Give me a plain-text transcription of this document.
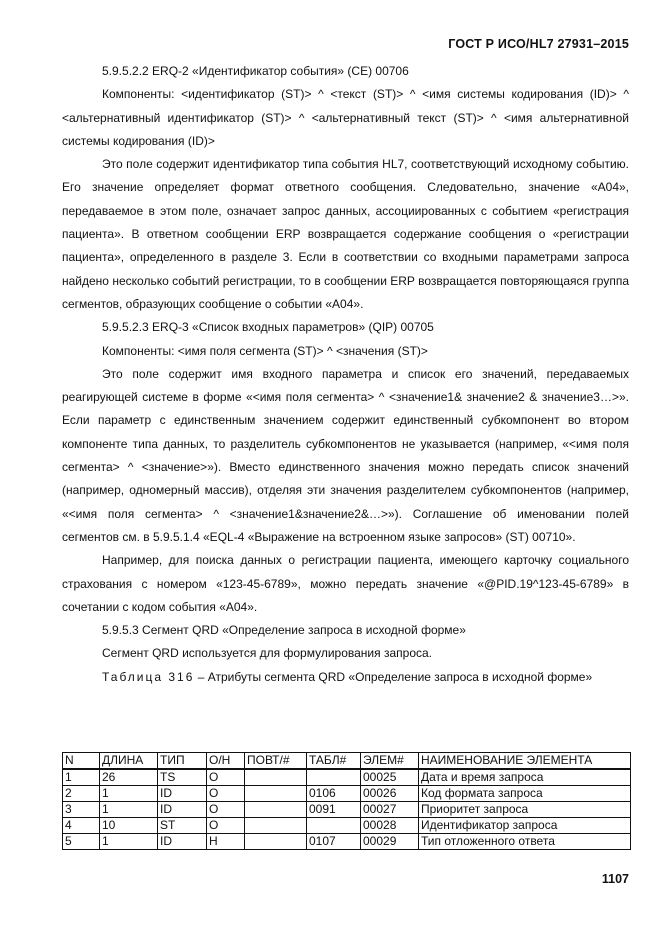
ГОСТ Р ИСО/HL7 27931–2015

5.9.5.2.2 ERQ-2 «Идентификатор события» (CE) 00706

Компоненты: <идентификатор (ST)> ^ <текст (ST)> ^ <имя системы кодирования (ID)> ^ <альтернативный идентификатор (ST)> ^ <альтернативный текст (ST)> ^ <имя альтернативной системы кодирования (ID)>

Это поле содержит идентификатор типа события HL7, соответствующий исходному событию. Его значение определяет формат ответного сообщения. Следовательно, значение «A04», передаваемое в этом поле, означает запрос данных, ассоциированных с событием «регистрация пациента». В ответном сообщении ERP возвращается содержание сообщения о «регистрации пациента», определенного в разделе 3. Если в соответствии со входными параметрами запроса найдено несколько событий регистрации, то в сообщении ERP возвращается повторяющаяся группа сегментов, образующих сообщение о событии «A04».

5.9.5.2.3 ERQ-3 «Список входных параметров» (QIP) 00705

Компоненты: <имя поля сегмента (ST)> ^ <значения (ST)>

Это поле содержит имя входного параметра и список его значений, передаваемых реагирующей системе в форме «<имя поля сегмента> ^ <значение1& значение2 & значение3…>». Если параметр с единственным значением содержит единственный субкомпонент во втором компоненте типа данных, то разделитель субкомпонентов не указывается (например, «<имя поля сегмента> ^ <значение>»). Вместо единственного значения можно передать список значений (например, одномерный массив), отделяя эти значения разделителем субкомпонентов (например, «<имя поля сегмента> ^ <значение1&значение2&…>»). Соглашение об именовании полей сегментов см. в 5.9.5.1.4 «EQL-4 «Выражение на встроенном языке запросов» (ST) 00710».

Например, для поиска данных о регистрации пациента, имеющего карточку социального страхования с номером «123-45-6789», можно передать значение «@PID.19^123-45-6789» в сочетании с кодом события «A04».

5.9.5.3 Сегмент QRD «Определение запроса в исходной форме»

Сегмент QRD используется для формулирования запроса.

Таблица 316 – Атрибуты сегмента QRD «Определение запроса в исходной форме»

N	ДЛИНА	ТИП	О/Н	ПОВТ/#	ТАБЛ#	ЭЛЕМ#	НАИМЕНОВАНИЕ ЭЛЕМЕНТА
1	26	TS	O			00025	Дата и время запроса
2	1	ID	O		0106	00026	Код формата запроса
3	1	ID	O		0091	00027	Приоритет запроса
4	10	ST	O			00028	Идентификатор запроса
5	1	ID	H		0107	00029	Тип отложенного ответа
1107
